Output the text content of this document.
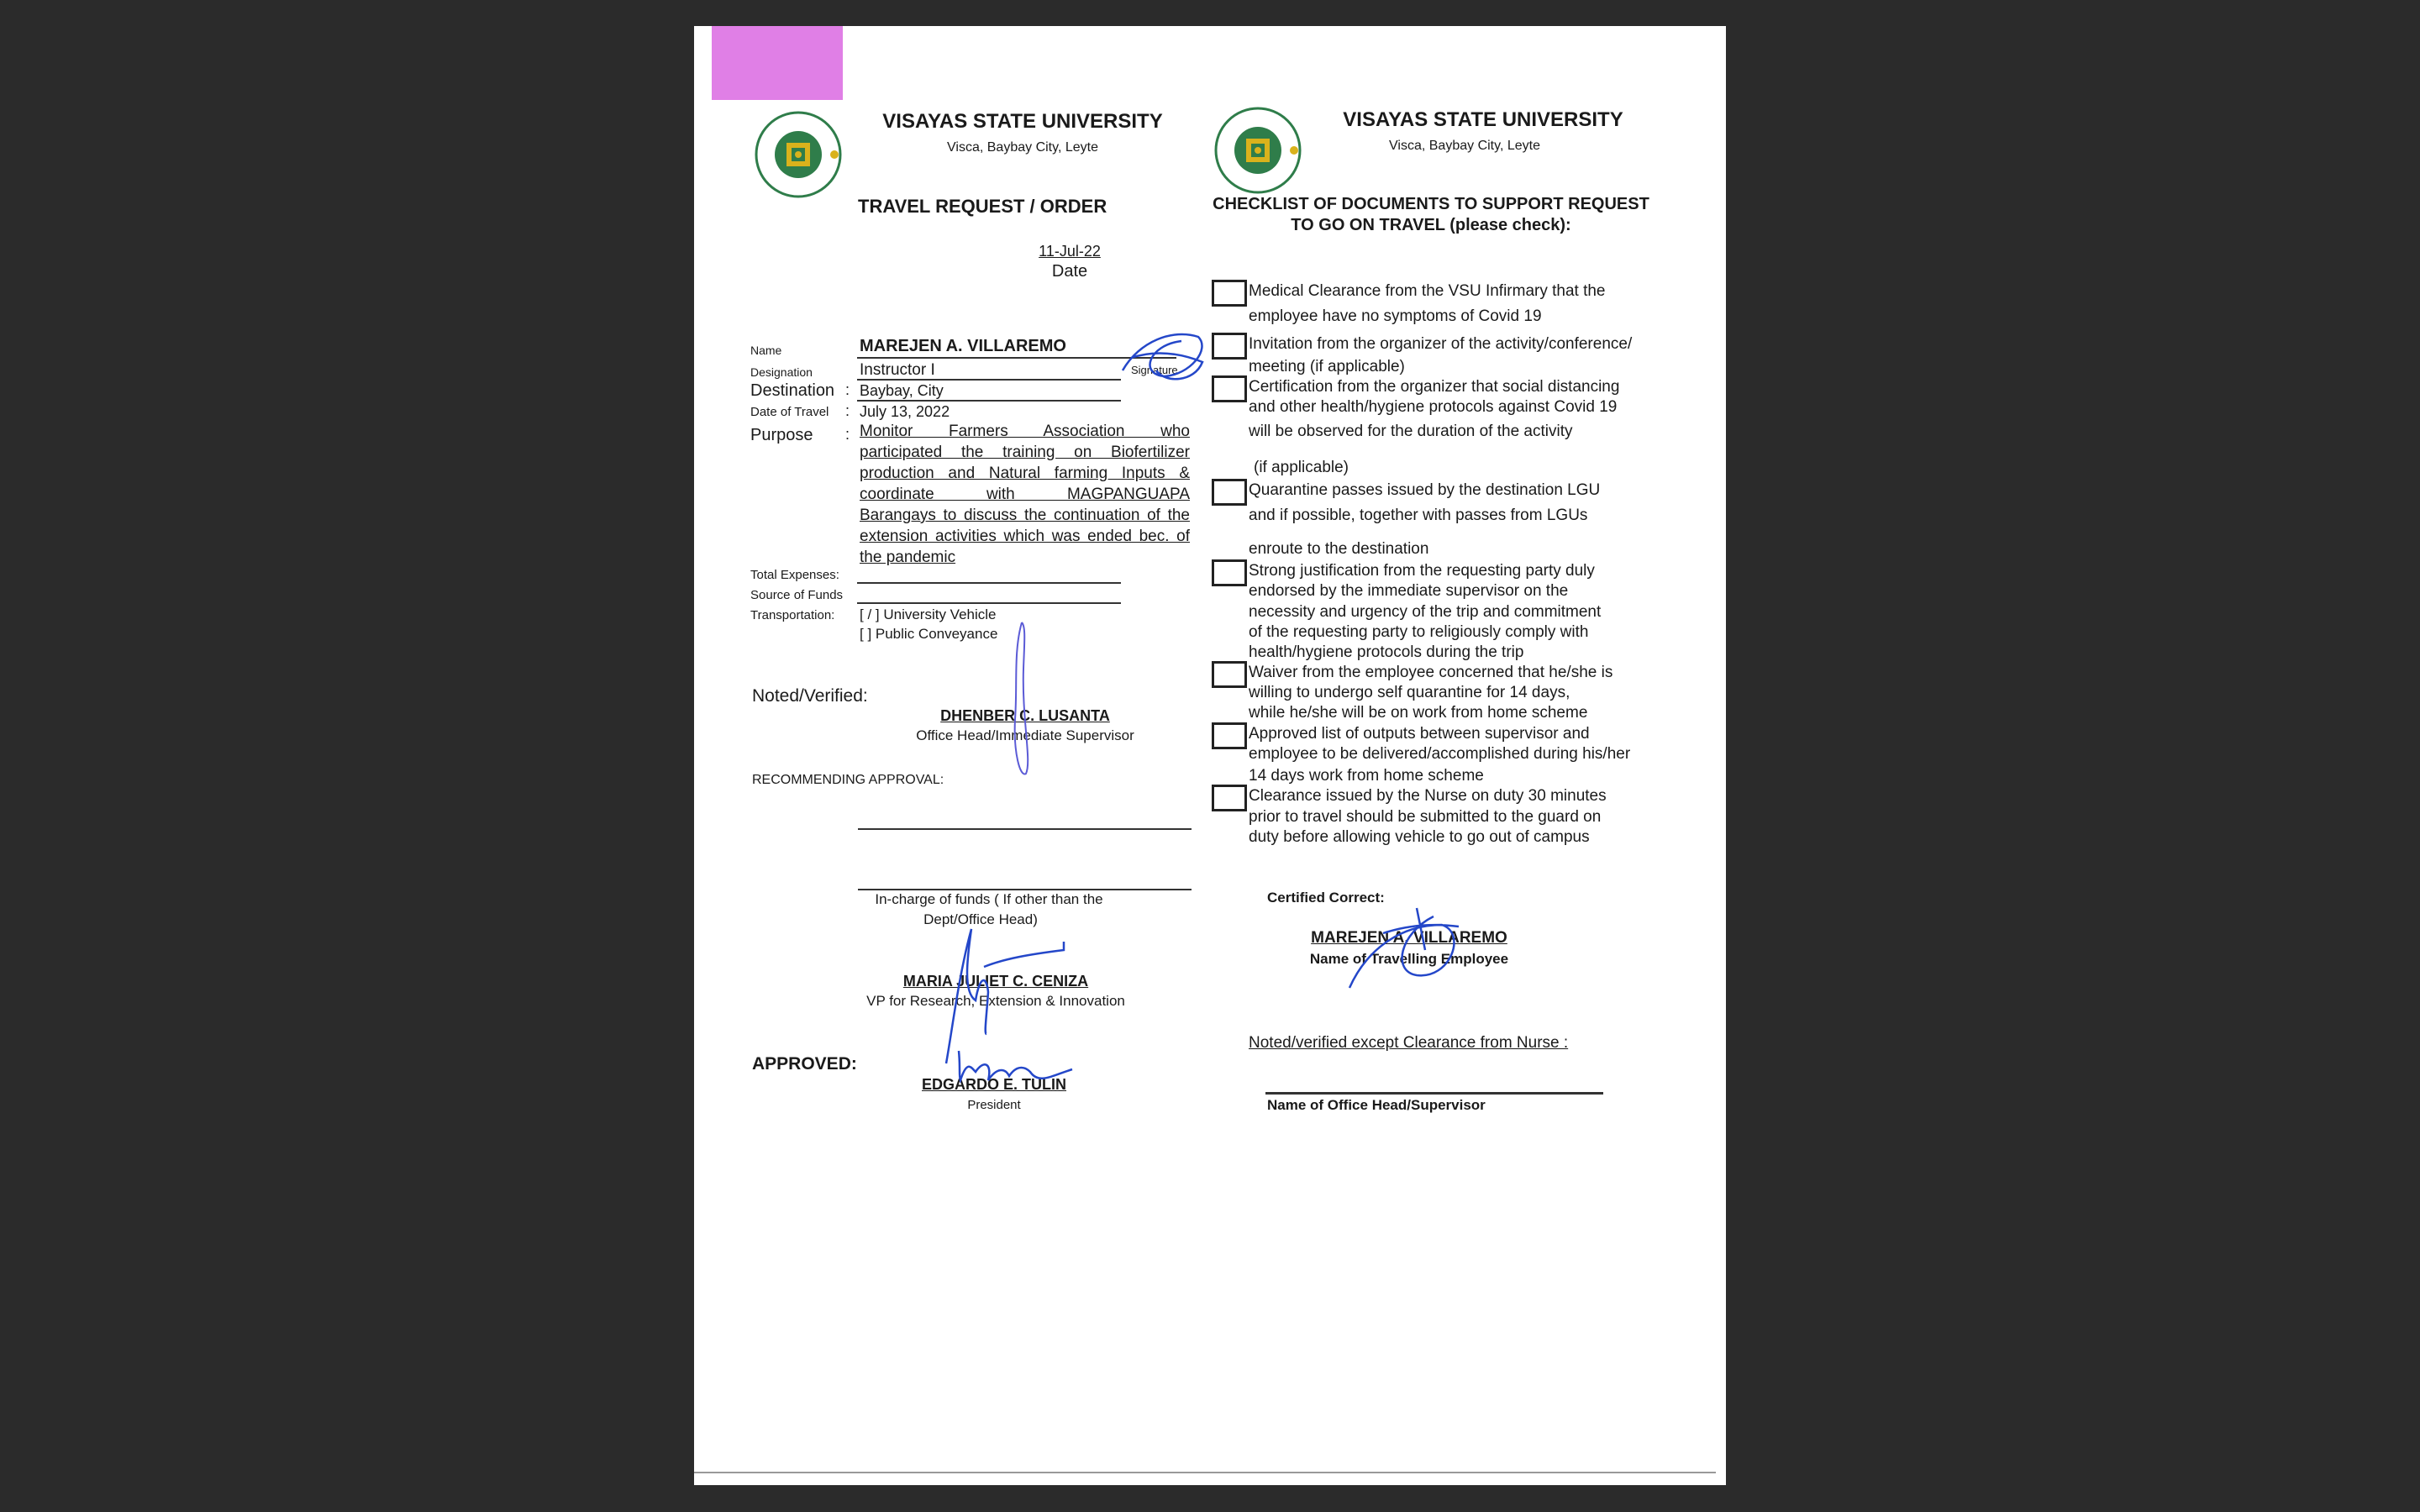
VISAYAS STATE UNIVERSITY
Visca, Baybay City, Leyte
TRAVEL REQUEST / ORDER
11-Jul-22
Date
Name	MAREJEN A. VILLAREMO
Signature
Designation	Instructor I
Destination : Baybay, City
Date of Travel : July 13, 2022
Purpose : Monitor Farmers Association who
participated the training on Biofertilizer
production and Natural farming Inputs &
coordinate with MAGPANGUAPA
Barangays to discuss the continuation of the
extension activities which was ended bec. of
the pandemic
Total Expenses:
Source of Funds
Transportation: [ / ] University Vehicle
[ ] Public Conveyance
Noted/Verified:
DHENBER C. LUSANTA
Office Head/Immediate Supervisor
RECOMMENDING APPROVAL:
In-charge of funds ( If other than the
Dept/Office Head)
MARIA JULIET C. CENIZA
VP for Research, Extension & Innovation
APPROVED:
EDGARDO E. TULIN
President
VISAYAS STATE UNIVERSITY
Visca, Baybay City, Leyte
CHECKLIST OF DOCUMENTS TO SUPPORT REQUEST
TO GO ON TRAVEL (please check):
Medical Clearance from the VSU Infirmary that the
employee have no symptoms of Covid 19
Invitation from the organizer of the activity/conference/
meeting (if applicable)
Certification from the organizer that social distancing
and other health/hygiene protocols against Covid 19
will be observed for the duration of the activity
(if applicable)
Quarantine passes issued by the destination LGU
and if possible, together with passes from LGUs
enroute to the destination
Strong justification from the requesting party duly
endorsed by the immediate supervisor on the
necessity and urgency of the trip and commitment
of the requesting party to religiously comply with
health/hygiene protocols during the trip
Waiver from the employee concerned that he/she is
willing to undergo self quarantine for 14 days,
while he/she will be on work from home scheme
Approved list of outputs between supervisor and
employee to be delivered/accomplished during his/her
14 days work from home scheme
Clearance issued by the Nurse on duty 30 minutes
prior to travel should be submitted to the guard on
duty before allowing vehicle to go out of campus
Certified Correct:
MAREJEN A. VILLAREMO
Name of Travelling Employee
Noted/verified except Clearance from Nurse :
Name of Office Head/Supervisor
